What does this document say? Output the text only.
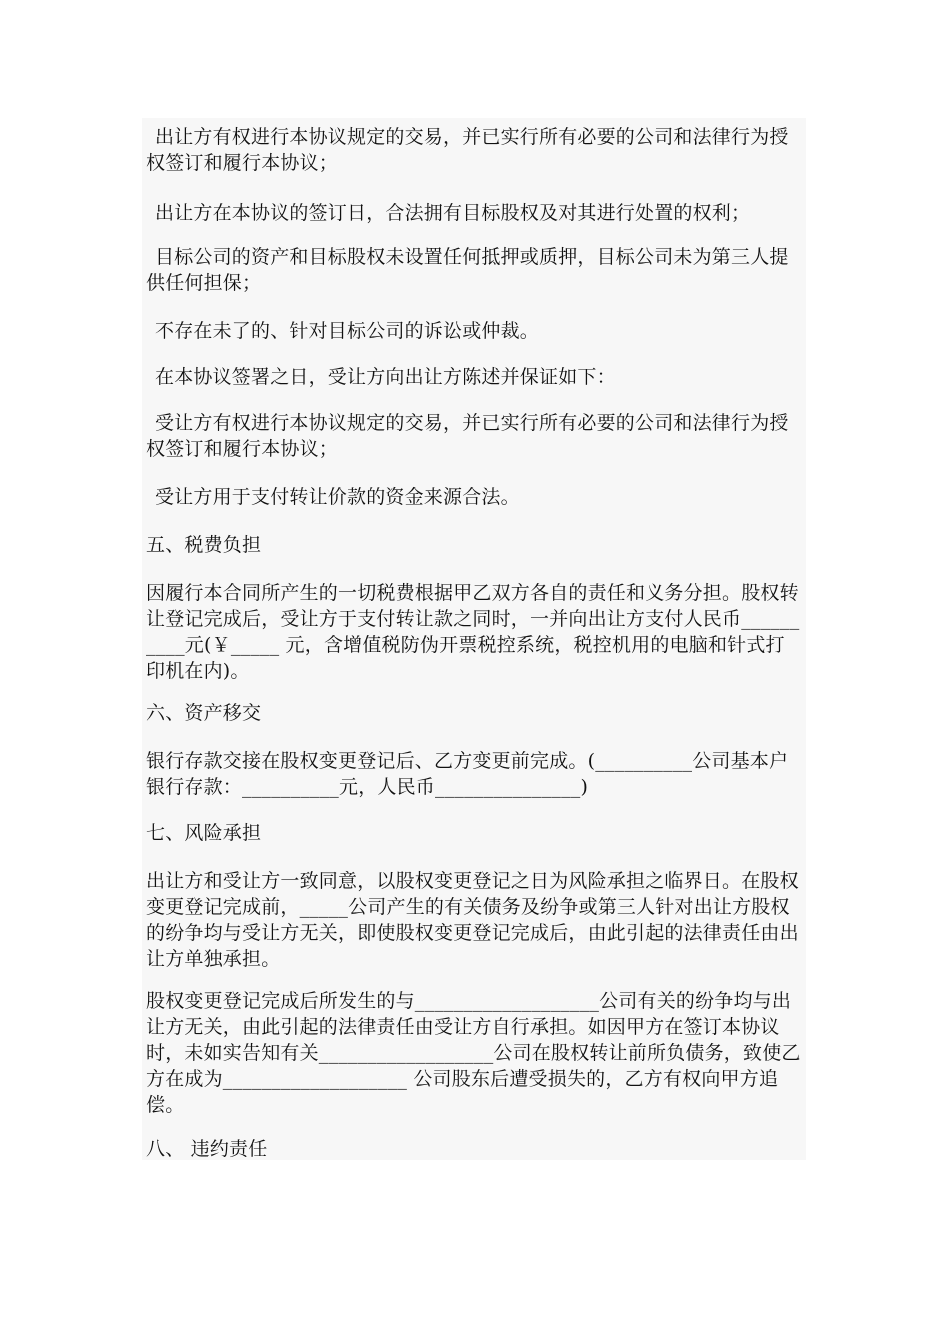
出让方有权进行本协议规定的交易，并已实行所有必要的公司和法律行为授权签订和履行本协议；

出让方在本协议的签订日，合法拥有目标股权及对其进行处置的权利；

目标公司的资产和目标股权未设置任何抵押或质押，目标公司未为第三人提供任何担保；

不存在未了的、针对目标公司的诉讼或仲裁。

在本协议签署之日，受让方向出让方陈述并保证如下：

受让方有权进行本协议规定的交易，并已实行所有必要的公司和法律行为授权签订和履行本协议；

受让方用于支付转让价款的资金来源合法。

五、税费负担

因履行本合同所产生的一切税费根据甲乙双方各自的责任和义务分担。股权转让登记完成后，受让方于支付转让款之同时，一并向出让方支付人民币__________元(￥_____ 元，含增值税防伪开票税控系统，税控机用的电脑和针式打印机在内)。

六、资产移交

银行存款交接在股权变更登记后、乙方变更前完成。(__________公司基本户银行存款：__________元，人民币_______________)

七、风险承担

出让方和受让方一致同意，以股权变更登记之日为风险承担之临界日。在股权变更登记完成前，_____公司产生的有关债务及纷争或第三人针对出让方股权的纷争均与受让方无关，即使股权变更登记完成后，由此引起的法律责任由出让方单独承担。

股权变更登记完成后所发生的与___________________公司有关的纷争均与出让方无关，由此引起的法律责任由受让方自行承担。如因甲方在签订本协议时，未如实告知有关__________________公司在股权转让前所负债务，致使乙方在成为___________________ 公司股东后遭受损失的，乙方有权向甲方追偿。

八、 违约责任
